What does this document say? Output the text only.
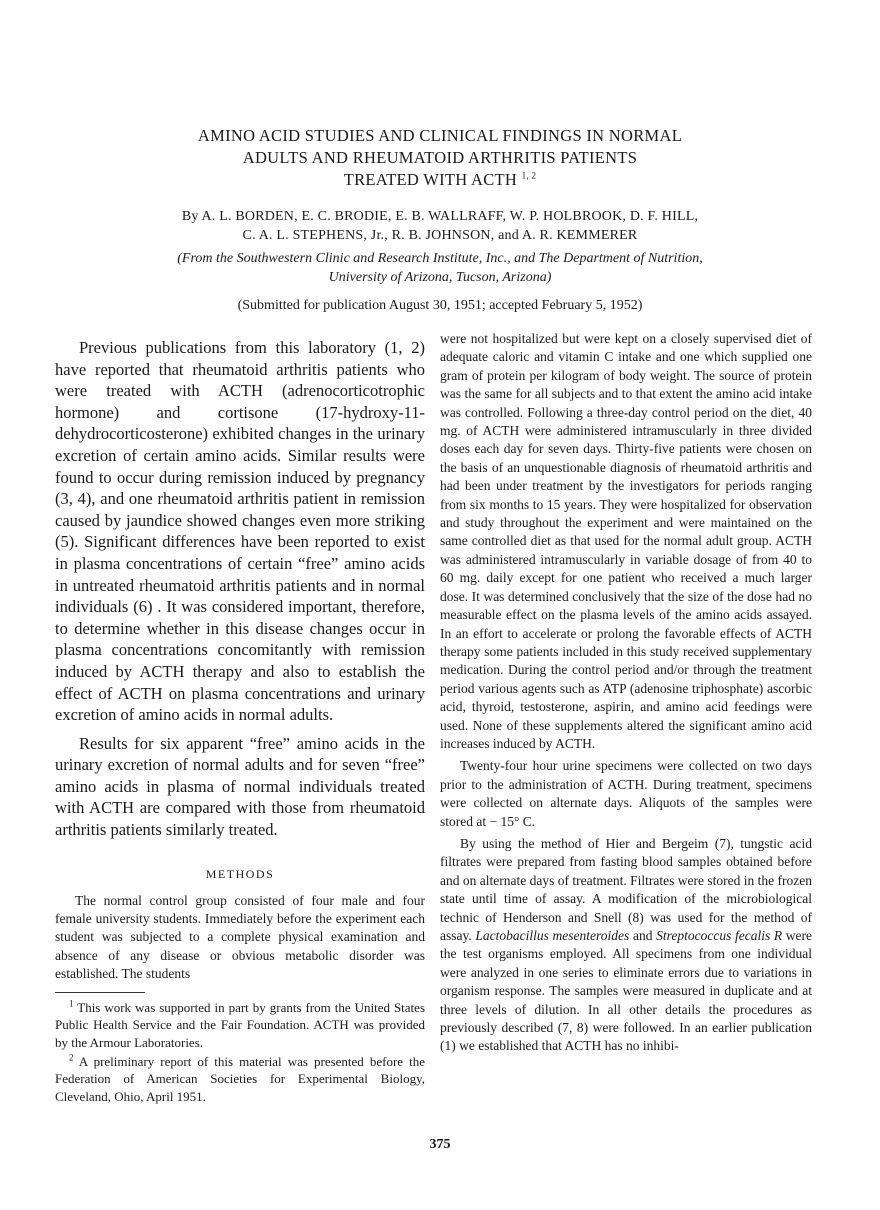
AMINO ACID STUDIES AND CLINICAL FINDINGS IN NORMAL
ADULTS AND RHEUMATOID ARTHRITIS PATIENTS
TREATED WITH ACTH $^{1, 2}$
By A. L. BORDEN, E. C. BRODIE, E. B. WALLRAFF, W. P. HOLBROOK, D. F. HILL,
C. A. L. STEPHENS, Jr., R. B. JOHNSON, and A. R. KEMMERER
(From the Southwestern Clinic and Research Institute, Inc., and The Department of Nutrition,
University of Arizona, Tucson, Arizona)
(Submitted for publication August 30, 1951; accepted February 5, 1952)

Previous publications from this laboratory (1, 2) have reported that rheumatoid arthritis patients who were treated with ACTH (adrenocorticotrophic hormone) and cortisone (17-hydroxy-11-dehydrocorticosterone) exhibited changes in the urinary excretion of certain amino acids. Similar results were found to occur during remission induced by pregnancy (3, 4), and one rheumatoid arthritis patient in remission caused by jaundice showed changes even more striking (5). Significant differences have been reported to exist in plasma concentrations of certain “free” amino acids in untreated rheumatoid arthritis patients and in normal individuals (6) . It was considered important, therefore, to determine whether in this disease changes occur in plasma concentrations concomitantly with remission induced by ACTH therapy and also to establish the effect of ACTH on plasma concentrations and urinary excretion of amino acids in normal adults.

Results for six apparent “free” amino acids in the urinary excretion of normal adults and for seven “free” amino acids in plasma of normal individuals treated with ACTH are compared with those from rheumatoid arthritis patients similarly treated.

METHODS

The normal control group consisted of four male and four female university students. Immediately before the experiment each student was subjected to a complete physical examination and absence of any disease or obvious metabolic disorder was established. The students

$^1$ This work was supported in part by grants from the United States Public Health Service and the Fair Foundation. ACTH was provided by the Armour Laboratories.

$^2$ A preliminary report of this material was presented before the Federation of American Societies for Experimental Biology, Cleveland, Ohio, April 1951.

were not hospitalized but were kept on a closely supervised diet of adequate caloric and vitamin C intake and one which supplied one gram of protein per kilogram of body weight. The source of protein was the same for all subjects and to that extent the amino acid intake was controlled. Following a three-day control period on the diet, 40 mg. of ACTH were administered intramuscularly in three divided doses each day for seven days. Thirty-five patients were chosen on the basis of an unquestionable diagnosis of rheumatoid arthritis and had been under treatment by the investigators for periods ranging from six months to 15 years. They were hospitalized for observation and study throughout the experiment and were maintained on the same controlled diet as that used for the normal adult group. ACTH was administered intramuscularly in variable dosage of from 40 to 60 mg. daily except for one patient who received a much larger dose. It was determined conclusively that the size of the dose had no measurable effect on the plasma levels of the amino acids assayed. In an effort to accelerate or prolong the favorable effects of ACTH therapy some patients included in this study received supplementary medication. During the control period and/or through the treatment period various agents such as ATP (adenosine triphosphate) ascorbic acid, thyroid, testosterone, aspirin, and amino acid feedings were used. None of these supplements altered the significant amino acid increases induced by ACTH.

Twenty-four hour urine specimens were collected on two days prior to the administration of ACTH. During treatment, specimens were collected on alternate days. Aliquots of the samples were stored at − 15° C.

By using the method of Hier and Bergeim (7), tungstic acid filtrates were prepared from fasting blood samples obtained before and on alternate days of treatment. Filtrates were stored in the frozen state until time of assay. A modification of the microbiological technic of Henderson and Snell (8) was used for the method of assay. Lactobacillus mesenteroides and Streptococcus fecalis R were the test organisms employed. All specimens from one individual were analyzed in one series to eliminate errors due to variations in organism response. The samples were measured in duplicate and at three levels of dilution. In all other details the procedures as previously described (7, 8) were followed. In an earlier publication (1) we established that ACTH has no inhibi-

375
